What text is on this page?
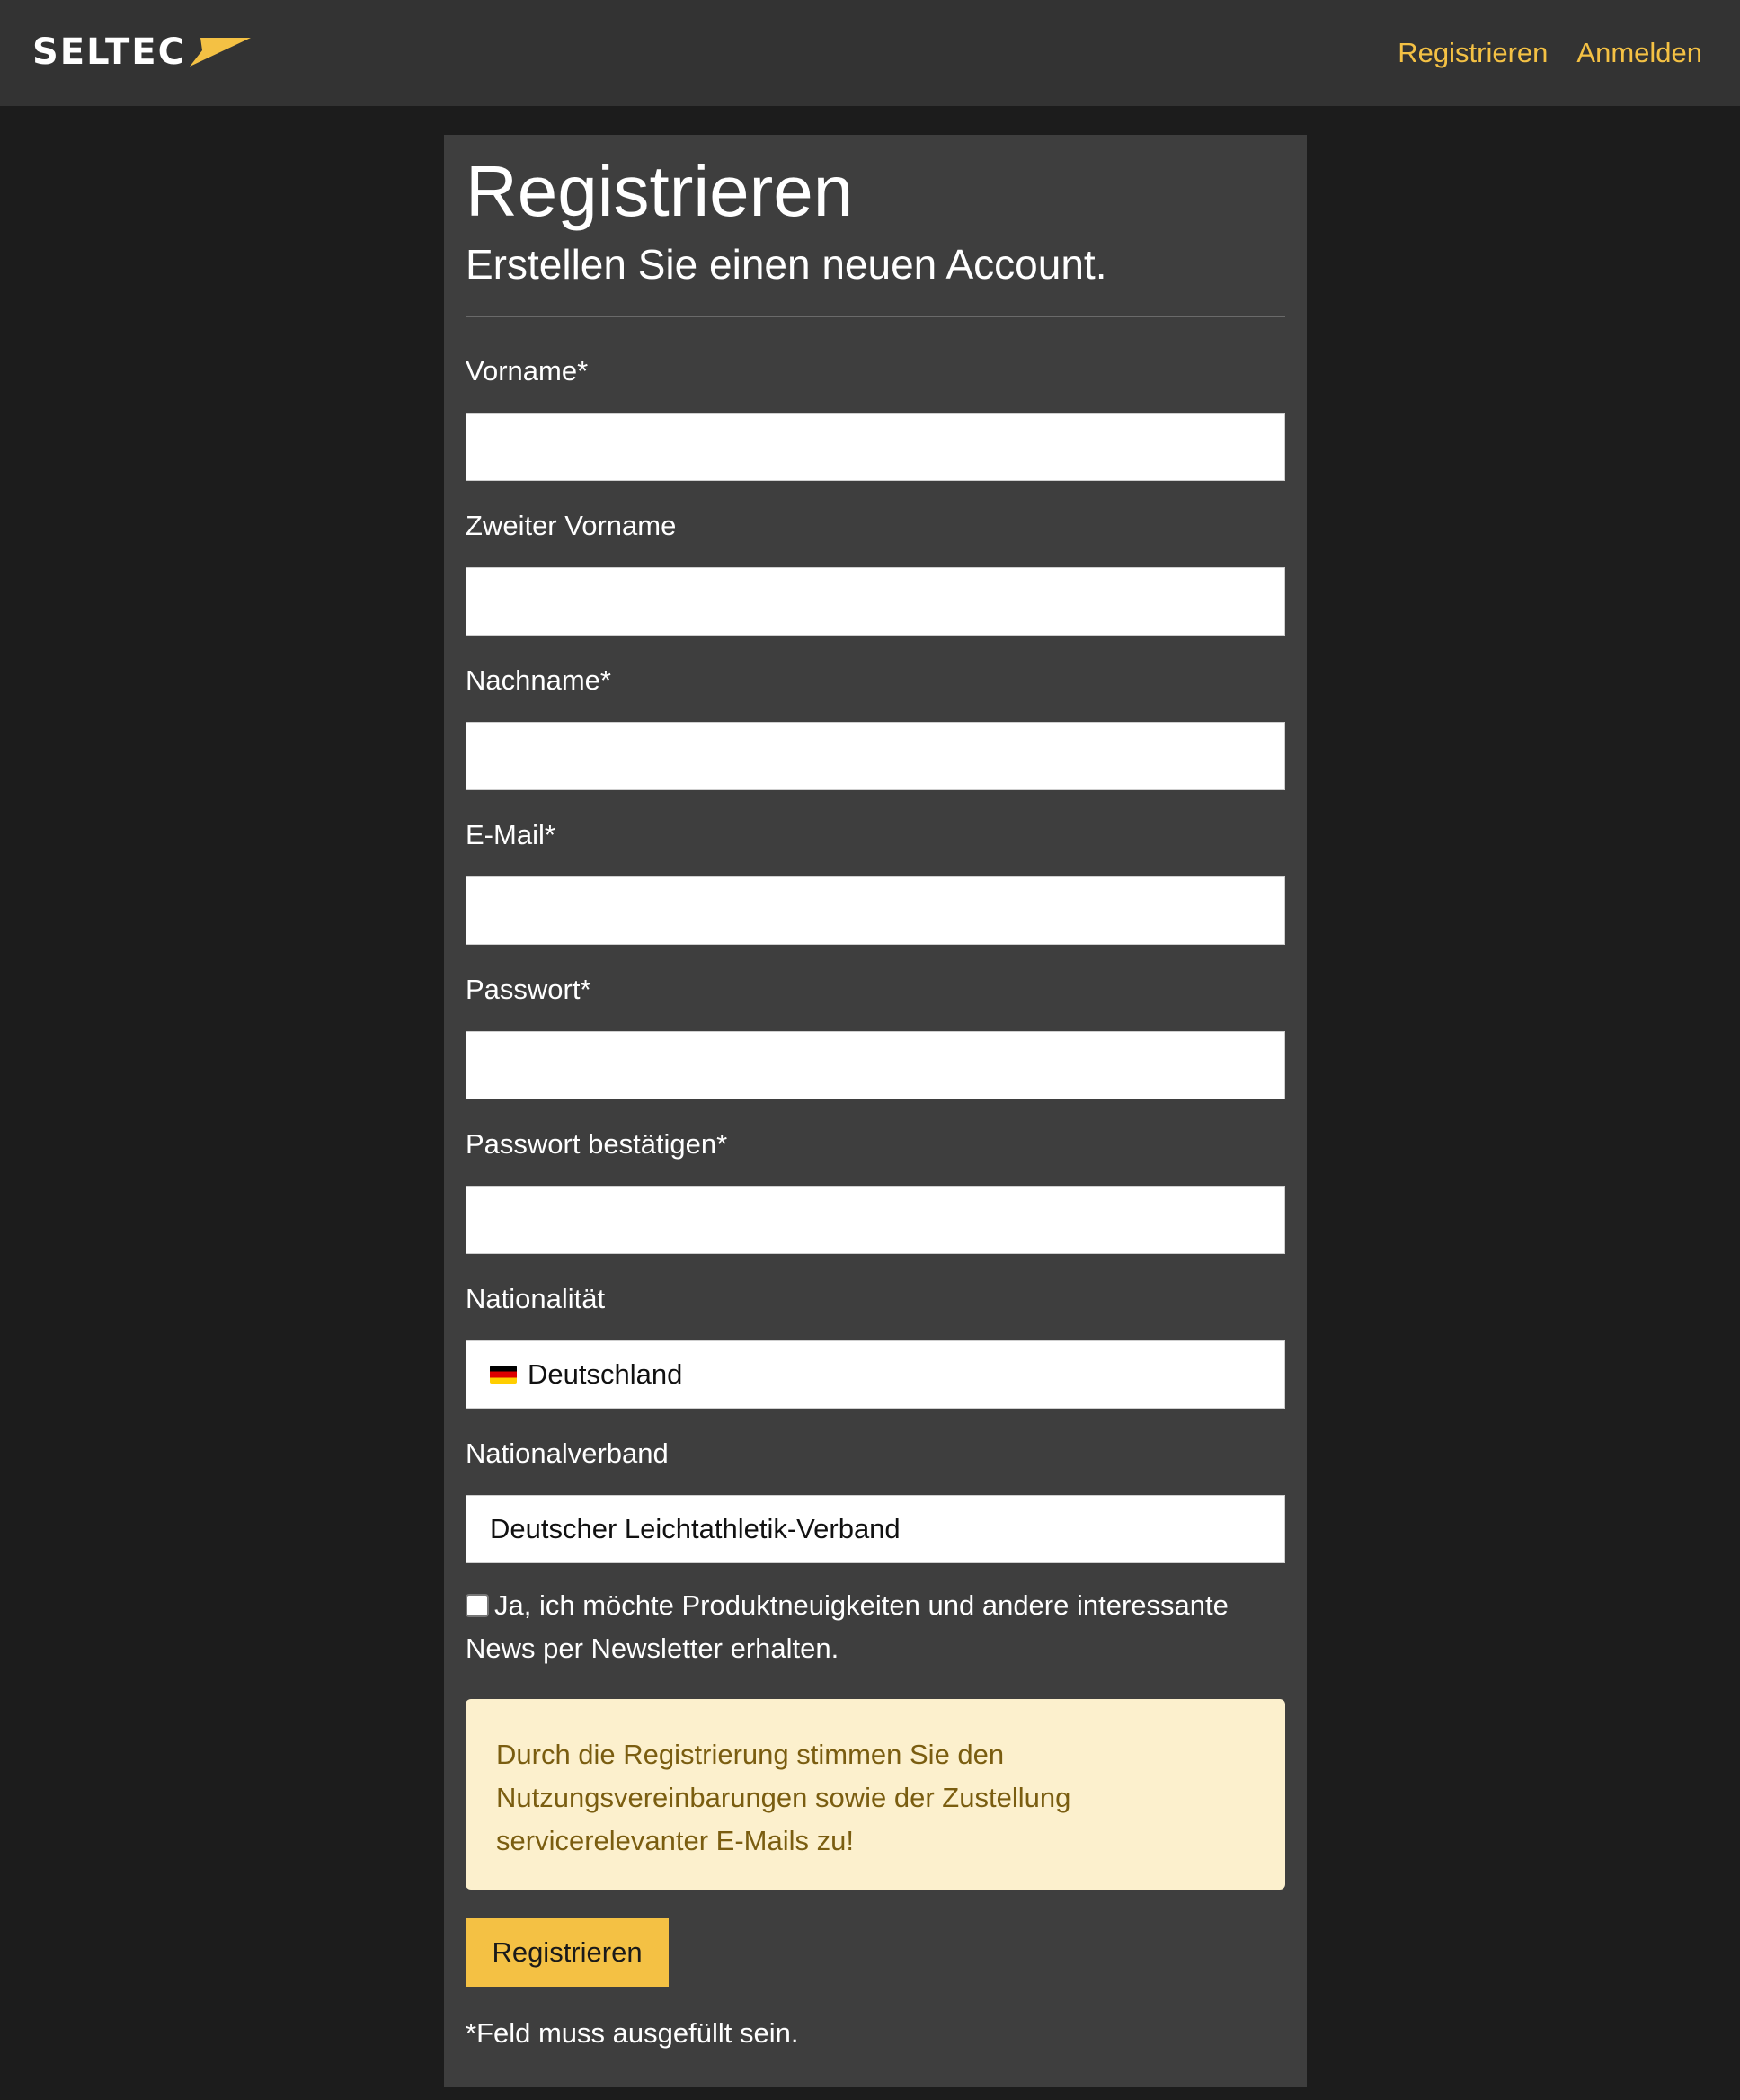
SELTEC	Registrieren Anmelden
Registrieren
Erstellen Sie einen neuen Account.
Vorname*
Zweiter Vorname
Nachname*
E-Mail*
Passwort*
Passwort bestätigen*
Nationalität
Deutschland
Nationalverband
Deutscher Leichtathletik-Verband
Ja, ich möchte Produktneuigkeiten und andere interessante News per Newsletter erhalten.
Durch die Registrierung stimmen Sie den Nutzungsvereinbarungen sowie der Zustellung servicerelevanter E-Mails zu!
Registrieren
*Feld muss ausgefüllt sein.
